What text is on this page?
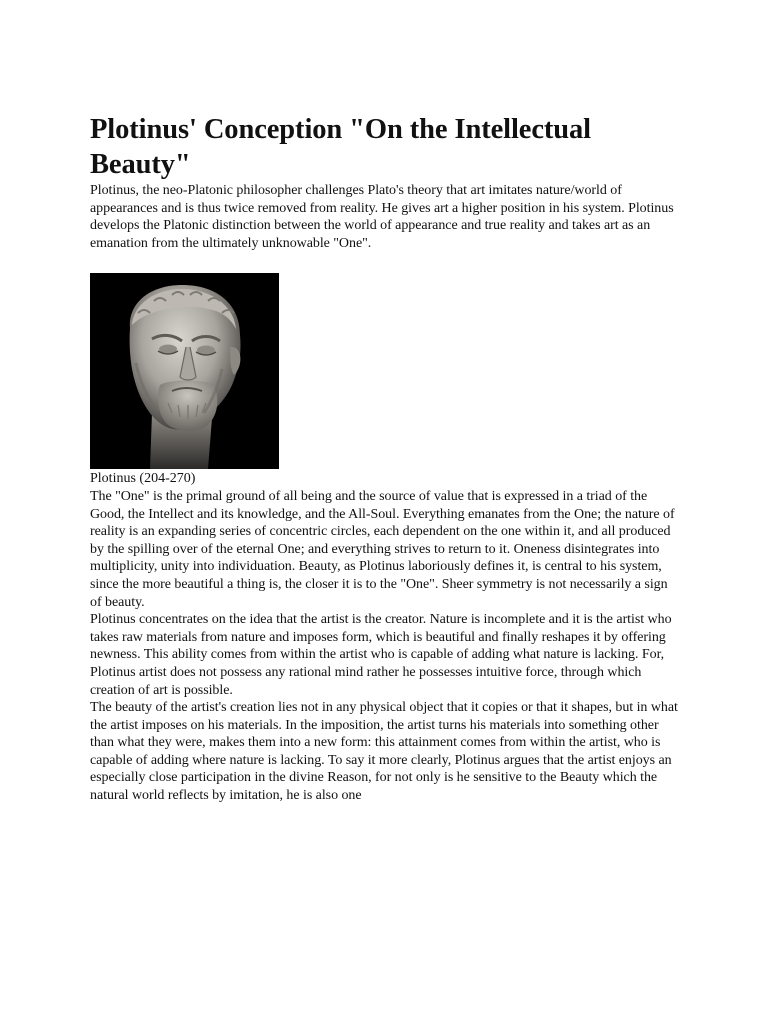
Plotinus' Conception "On the Intellectual Beauty"

Plotinus, the neo-Platonic philosopher challenges Plato's theory that art imitates nature/world of appearances and is thus twice removed from reality. He gives art a higher position in his system. Plotinus develops the Platonic distinction between the world of appearance and true reality and takes art as an emanation from the ultimately unknowable "One".

Plotinus (204-270)

The "One" is the primal ground of all being and the source of value that is expressed in a triad of the Good, the Intellect and its knowledge, and the All-Soul. Everything emanates from the One; the nature of reality is an expanding series of concentric circles, each dependent on the one within it, and all produced by the spilling over of the eternal One; and everything strives to return to it. Oneness disintegrates into multiplicity, unity into individuation. Beauty, as Plotinus laboriously defines it, is central to his system, since the more beautiful a thing is, the closer it is to the "One". Sheer symmetry is not necessarily a sign of beauty.

Plotinus concentrates on the idea that the artist is the creator. Nature is incomplete and it is the artist who takes raw materials from nature and imposes form, which is beautiful and finally reshapes it by offering newness. This ability comes from within the artist who is capable of adding what nature is lacking. For, Plotinus artist does not possess any rational mind rather he possesses intuitive force, through which creation of art is possible.

The beauty of the artist's creation lies not in any physical object that it copies or that it shapes, but in what the artist imposes on his materials. In the imposition, the artist turns his materials into something other than what they were, makes them into a new form: this attainment comes from within the artist, who is capable of adding where nature is lacking. To say it more clearly, Plotinus argues that the artist enjoys an especially close participation in the divine Reason, for not only is he sensitive to the Beauty which the natural world reflects by imitation, he is also one
